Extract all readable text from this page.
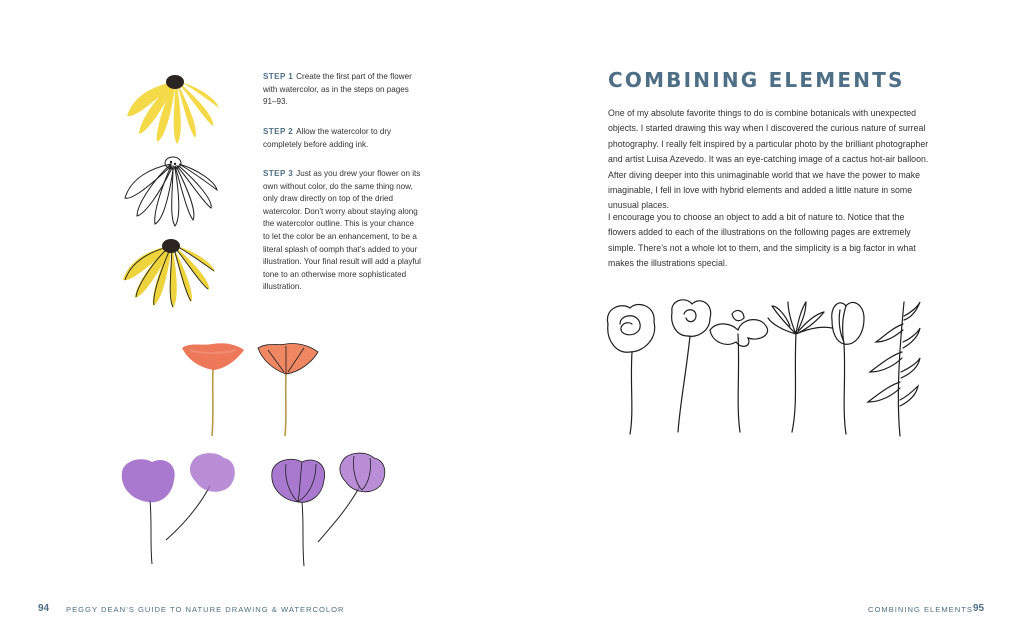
STEP 1 Create the first part of the flower with watercolor, as in the steps on pages 91–93.
STEP 2 Allow the watercolor to dry completely before adding ink.
STEP 3 Just as you drew your flower on its own without color, do the same thing now, only draw directly on top of the dried watercolor. Don’t worry about staying along the watercolor outline. This is your chance to let the color be an enhancement, to be a literal splash of oomph that’s added to your illustration. Your final result will add a playful tone to an otherwise more sophisticated illustration.
94 PEGGY DEAN’S GUIDE TO NATURE DRAWING & WATERCOLOR
COMBINING ELEMENTS

One of my absolute favorite things to do is combine botanicals with unexpected objects. I started drawing this way when I discovered the curious nature of surreal photography. I really felt inspired by a particular photo by the brilliant photographer and artist Luisa Azevedo. It was an eye-catching image of a cactus hot-air balloon. After diving deeper into this unimaginable world that we have the power to make imaginable, I fell in love with hybrid elements and added a little nature in some unusual places.

I encourage you to choose an object to add a bit of nature to. Notice that the flowers added to each of the illustrations on the following pages are extremely simple. There’s not a whole lot to them, and the simplicity is a big factor in what makes the illustrations special.

COMBINING ELEMENTS 95
